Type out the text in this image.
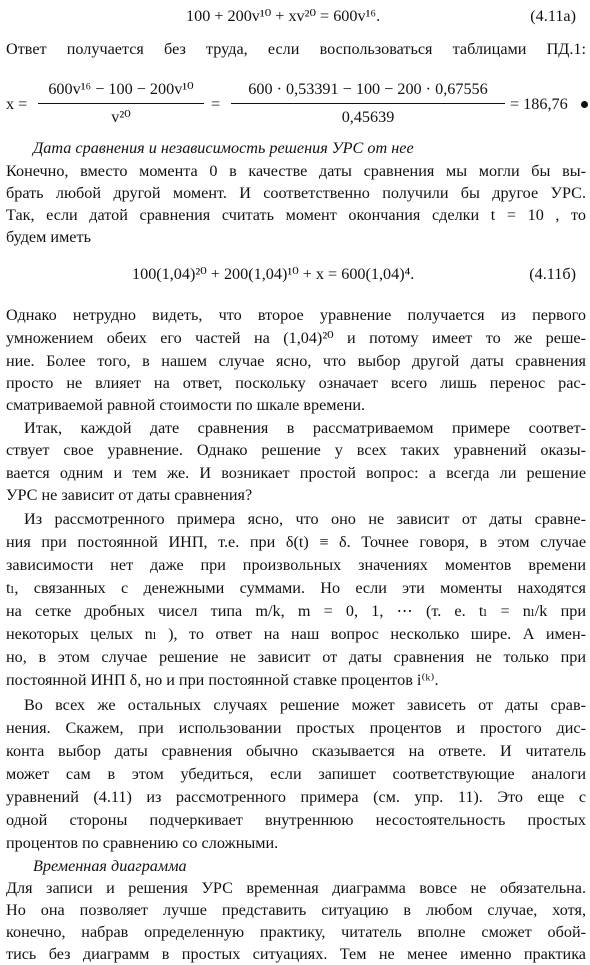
100 + 200v¹⁰ + xv²⁰ = 600v¹⁶.	(4.11a)
Ответ получается без труда, если воспользоваться таблицами ПД.1:
x =
600v¹⁶ − 100 − 200v¹⁰
v²⁰
=
600 · 0,53391 − 100 − 200 · 0,67556
0,45639
= 186,76
Дата сравнения и независимость решения УРС от нее
Конечно, вместо момента 0 в качестве даты сравнения мы могли бы вы-
брать любой другой момент. И соответственно получили бы другое УРС.
Так, если датой сравнения считать момент окончания сделки t = 10 , то
будем иметь
100(1,04)²⁰ + 200(1,04)¹⁰ + x = 600(1,04)⁴.	(4.11б)
Однако нетрудно видеть, что второе уравнение получается из первого
умножением обеих его частей на (1,04)²⁰ и потому имеет то же реше-
ние. Более того, в нашем случае ясно, что выбор другой даты сравнения
просто не влияет на ответ, поскольку означает всего лишь перенос рас-
сматриваемой равной стоимости по шкале времени.
Итак, каждой дате сравнения в рассматриваемом примере соответ-
ствует свое уравнение. Однако решение у всех таких уравнений оказы-
вается одним и тем же. И возникает простой вопрос: а всегда ли решение
УРС не зависит от даты сравнения?
Из рассмотренного примера ясно, что оно не зависит от даты сравне-
ния при постоянной ИНП, т.е. при δ(t) ≡ δ. Точнее говоря, в этом случае
зависимости нет даже при произвольных значениях моментов времени
tₗ, связанных с денежными суммами. Но если эти моменты находятся
на сетке дробных чисел типа m/k, m = 0, 1, ⋯ (т. е. tₗ = nₗ/k при
некоторых целых nₗ ), то ответ на наш вопрос несколько шире. А имен-
но, в этом случае решение не зависит от даты сравнения не только при
постоянной ИНП δ, но и при постоянной ставке процентов i⁽ᵏ⁾.
Во всех же остальных случаях решение может зависеть от даты срав-
нения. Скажем, при использовании простых процентов и простого дис-
конта выбор даты сравнения обычно сказывается на ответе. И читатель
может сам в этом убедиться, если запишет соответствующие аналоги
уравнений (4.11) из рассмотренного примера (см. упр. 11). Это еще с
одной стороны подчеркивает внутреннюю несостоятельность простых
процентов по сравнению со сложными.
Временная диаграмма
Для записи и решения УРС временная диаграмма вовсе не обязательна.
Но она позволяет лучше представить ситуацию в любом случае, хотя,
конечно, набрав определенную практику, читатель вполне сможет обой-
тись без диаграмм в простых ситуациях. Тем не менее именно практика
